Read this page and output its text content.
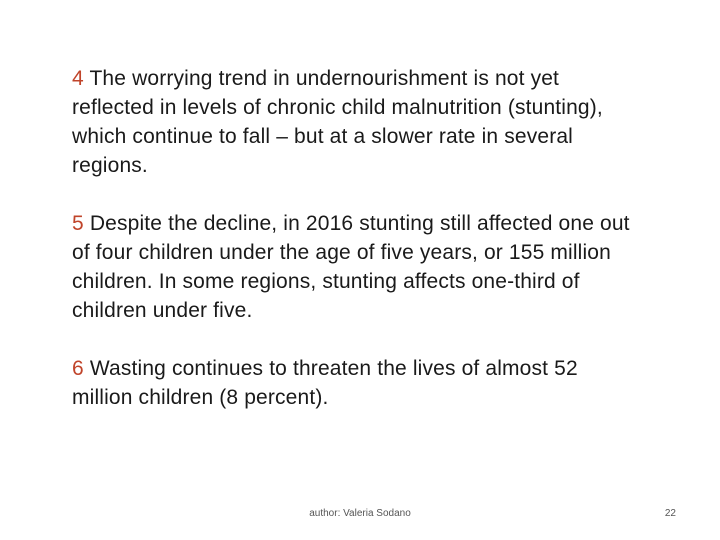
4 The worrying trend in undernourishment is not yet reflected in levels of chronic child malnutrition (stunting), which continue to fall – but at a slower rate in several regions.

5 Despite the decline, in 2016 stunting still affected one out of four children under the age of five years, or 155 million children. In some regions, stunting affects one-third of children under five.

6 Wasting continues to threaten the lives of almost 52 million children (8 percent).

author: Valeria Sodano	22
